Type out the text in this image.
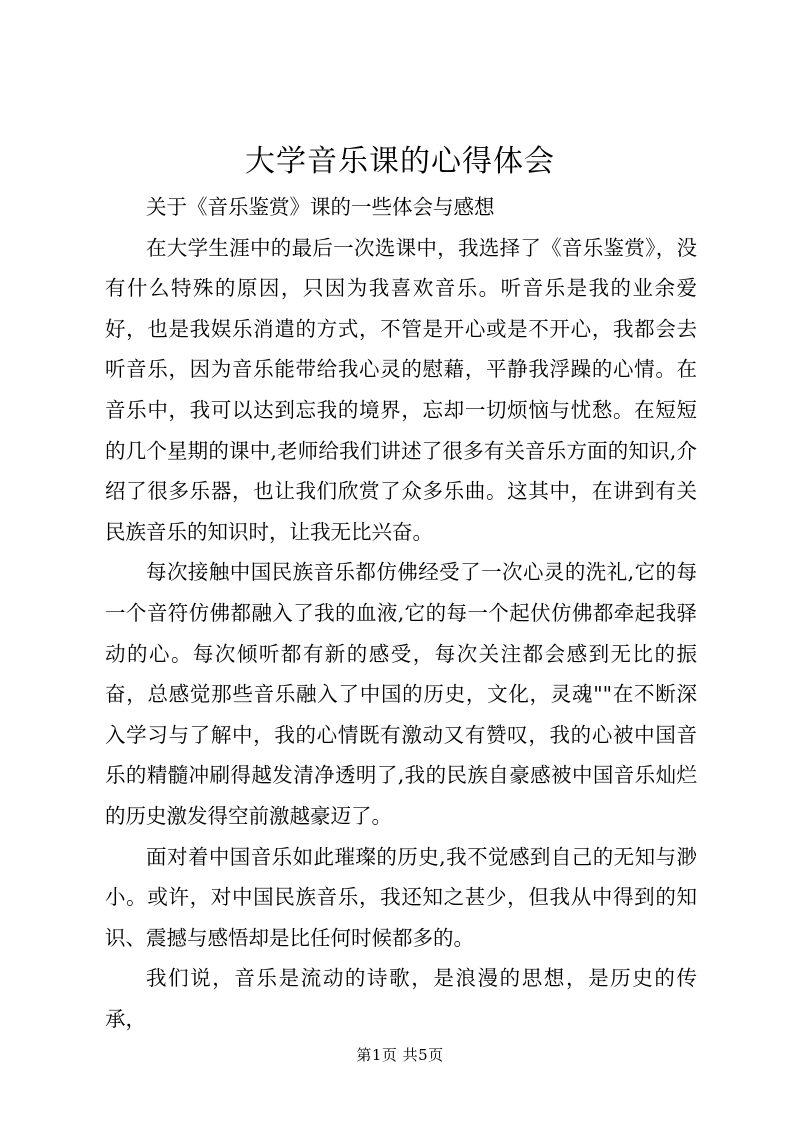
大学音乐课的心得体会

关于《音乐鉴赏》课的一些体会与感想

在大学生涯中的最后一次选课中，我选择了《音乐鉴赏》，没有什么特殊的原因，只因为我喜欢音乐。听音乐是我的业余爱好，也是我娱乐消遣的方式，不管是开心或是不开心，我都会去听音乐，因为音乐能带给我心灵的慰藉，平静我浮躁的心情。在音乐中，我可以达到忘我的境界，忘却一切烦恼与忧愁。在短短的几个星期的课中,老师给我们讲述了很多有关音乐方面的知识,介绍了很多乐器，也让我们欣赏了众多乐曲。这其中，在讲到有关民族音乐的知识时，让我无比兴奋。

每次接触中国民族音乐都仿佛经受了一次心灵的洗礼,它的每一个音符仿佛都融入了我的血液,它的每一个起伏仿佛都牵起我驿动的心。每次倾听都有新的感受，每次关注都会感到无比的振奋，总感觉那些音乐融入了中国的历史，文化，灵魂""在不断深入学习与了解中，我的心情既有激动又有赞叹，我的心被中国音乐的精髓冲刷得越发清净透明了,我的民族自豪感被中国音乐灿烂的历史激发得空前激越豪迈了。

面对着中国音乐如此璀璨的历史,我不觉感到自己的无知与渺小。或许，对中国民族音乐，我还知之甚少，但我从中得到的知识、震撼与感悟却是比任何时候都多的。

我们说，音乐是流动的诗歌，是浪漫的思想，是历史的传承，

第1页 共5页
